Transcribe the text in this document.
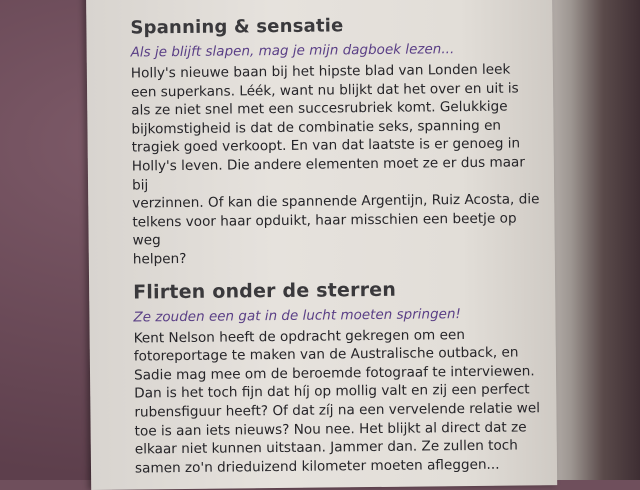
Spanning & sensatie

Als je blijft slapen, mag je mijn dagboek lezen...

Holly's nieuwe baan bij het hipste blad van Londen leek
een superkans. Léék, want nu blijkt dat het over en uit is
als ze niet snel met een succesrubriek komt. Gelukkige
bijkomstigheid is dat de combinatie seks, spanning en
tragiek goed verkoopt. En van dat laatste is er genoeg in
Holly's leven. Die andere elementen moet ze er dus maar bij
verzinnen. Of kan die spannende Argentijn, Ruiz Acosta, die
telkens voor haar opduikt, haar misschien een beetje op weg
helpen?

Flirten onder de sterren

Ze zouden een gat in de lucht moeten springen!

Kent Nelson heeft de opdracht gekregen om een
fotoreportage te maken van de Australische outback, en
Sadie mag mee om de beroemde fotograaf te interviewen.
Dan is het toch fijn dat híj op mollig valt en zij een perfect
rubensfiguur heeft? Of dat zíj na een vervelende relatie wel
toe is aan iets nieuws? Nou nee. Het blijkt al direct dat ze
elkaar niet kunnen uitstaan. Jammer dan. Ze zullen toch
samen zo'n drieduizend kilometer moeten afleggen...
